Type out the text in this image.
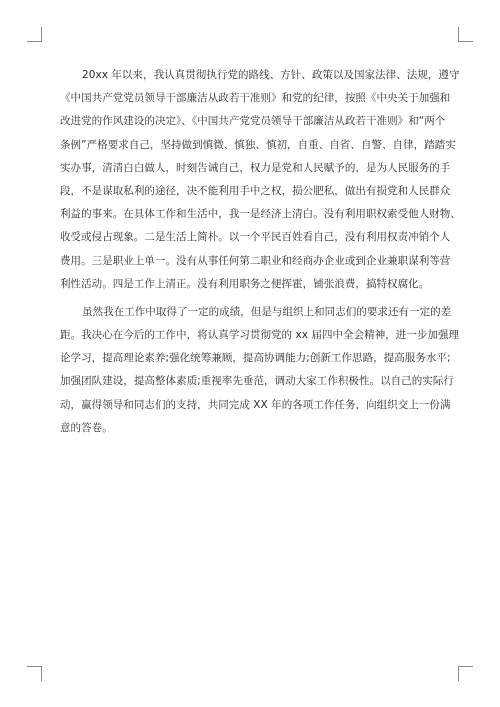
20xx 年以来，我认真贯彻执行党的路线、方针、政策以及国家法律、法规，遵守
《中国共产党党员领导干部廉洁从政若干准则》和党的纪律，按照《中央关于加强和
改进党的作风建设的决定》、《中国共产党党员领导干部廉洁从政若干准则》和“两个
条例”严格要求自己，坚持做到慎微、慎独、慎初，自重、自省、自警、自律，踏踏实
实办事，清清白白做人，时刻告诫自己，权力是党和人民赋予的，是为人民服务的手
段，不是谋取私利的途径，决不能利用手中之权，损公肥私，做出有损党和人民群众
利益的事来。在具体工作和生活中，我一是经济上清白。没有利用职权索受他人财物、
收受或侵占现象。二是生活上简朴。以一个平民百姓看自己，没有利用权责冲销个人
费用。三是职业上单一。没有从事任何第二职业和经商办企业或到企业兼职谋利等营
利性活动。四是工作上清正。没有利用职务之便挥霍，铺张浪费，搞特权腐化。
虽然我在工作中取得了一定的成绩，但是与组织上和同志们的要求还有一定的差
距。我决心在今后的工作中，将认真学习贯彻党的 xx 届四中全会精神，进一步加强理
论学习，提高理论素养;强化统筹兼顾，提高协调能力;创新工作思路，提高服务水平;
加强团队建设，提高整体素质;重视率先垂范，调动大家工作积极性。以自己的实际行
动，赢得领导和同志们的支持，共同完成 XX 年的各项工作任务，向组织交上一份满
意的答卷。
